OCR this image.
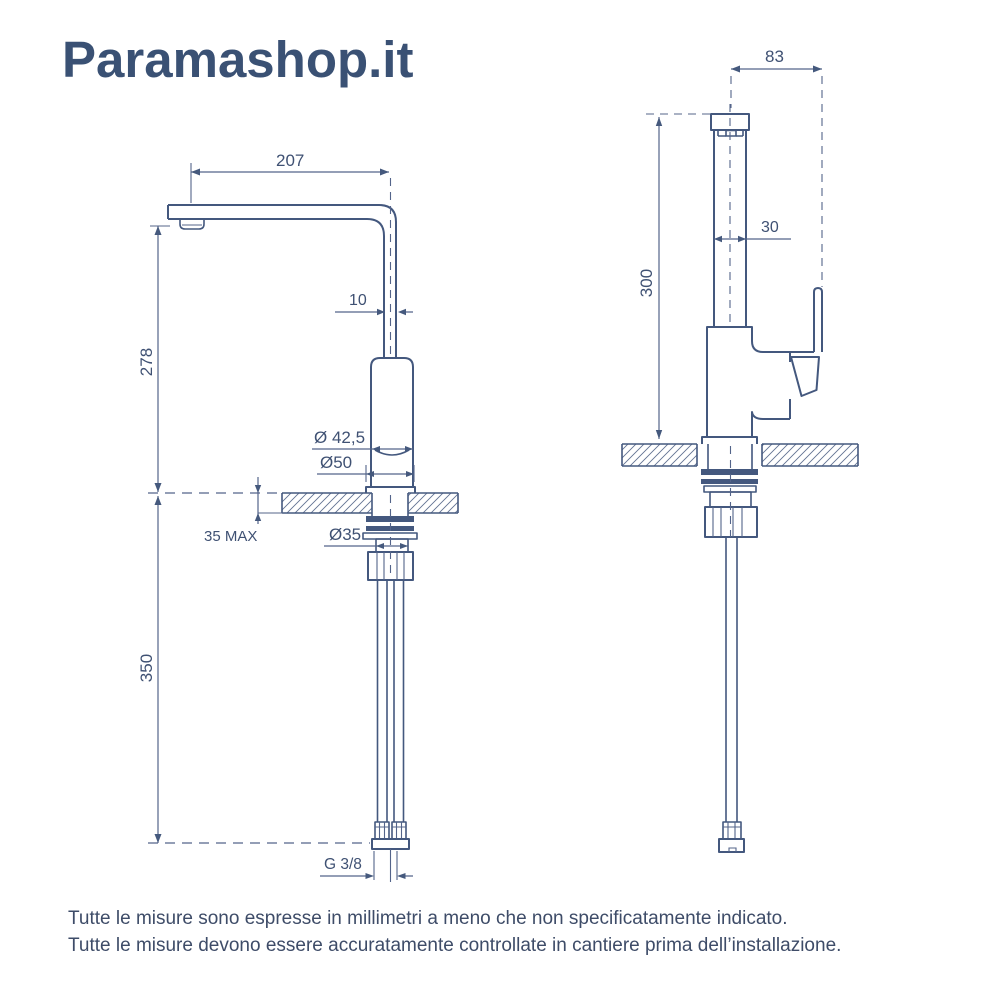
Paramashop.it
207
278
10
Ø 42,5
Ø50
35 MAX	Ø35
350
G 3/8
83
30
300
Tutte le misure sono espresse in millimetri a meno che non specificatamente indicato.
Tutte le misure devono essere accuratamente controllate in cantiere prima dell’installazione.
